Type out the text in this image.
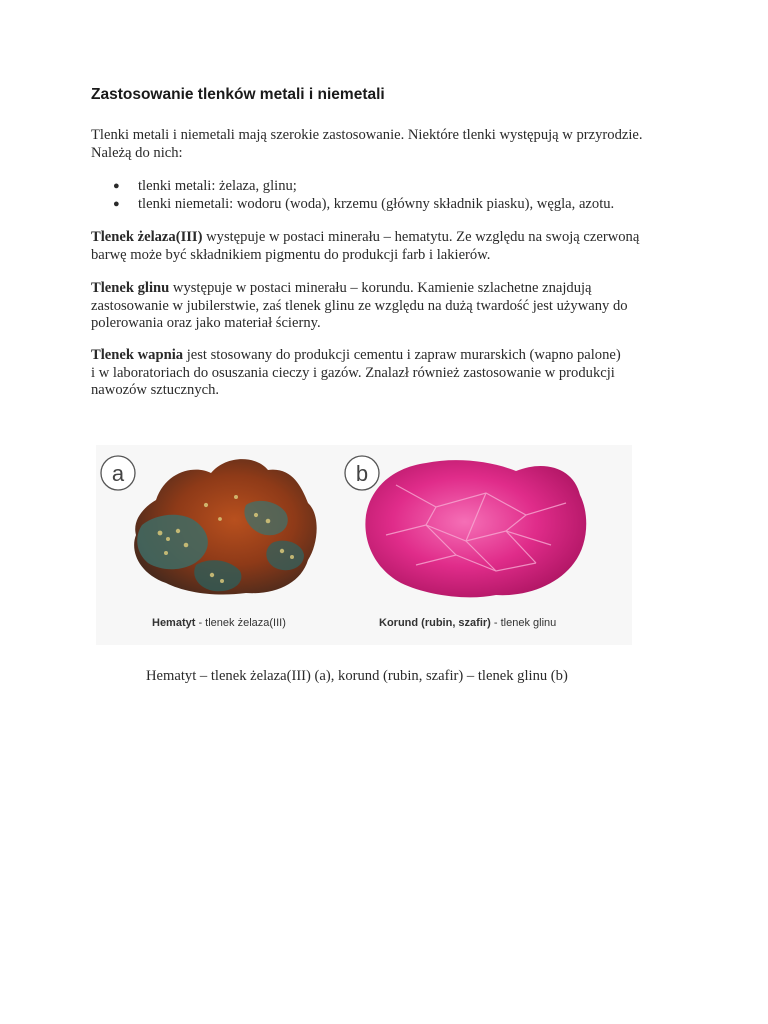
Zastosowanie tlenków metali i niemetali
Tlenki metali i niemetali mają szerokie zastosowanie. Niektóre tlenki występują w przyrodzie.
Należą do nich:
● tlenki metali: żelaza, glinu;
● tlenki niemetali: wodoru (woda), krzemu (główny składnik piasku), węgla, azotu.
Tlenek żelaza(III) występuje w postaci minerału – hematytu. Ze względu na swoją czerwoną
barwę może być składnikiem pigmentu do produkcji farb i lakierów.
Tlenek glinu występuje w postaci minerału – korundu. Kamienie szlachetne znajdują
zastosowanie w jubilerstwie, zaś tlenek glinu ze względu na dużą twardość jest używany do
polerowania oraz jako materiał ścierny.
Tlenek wapnia jest stosowany do produkcji cementu i zapraw murarskich (wapno palone)
i w laboratoriach do osuszania cieczy i gazów. Znalazł również zastosowanie w produkcji
nawozów sztucznych.
a	b
Hematyt - tlenek żelaza(III)	Korund (rubin, szafir) - tlenek glinu

Hematyt – tlenek żelaza(III) (a), korund (rubin, szafir) – tlenek glinu (b)
